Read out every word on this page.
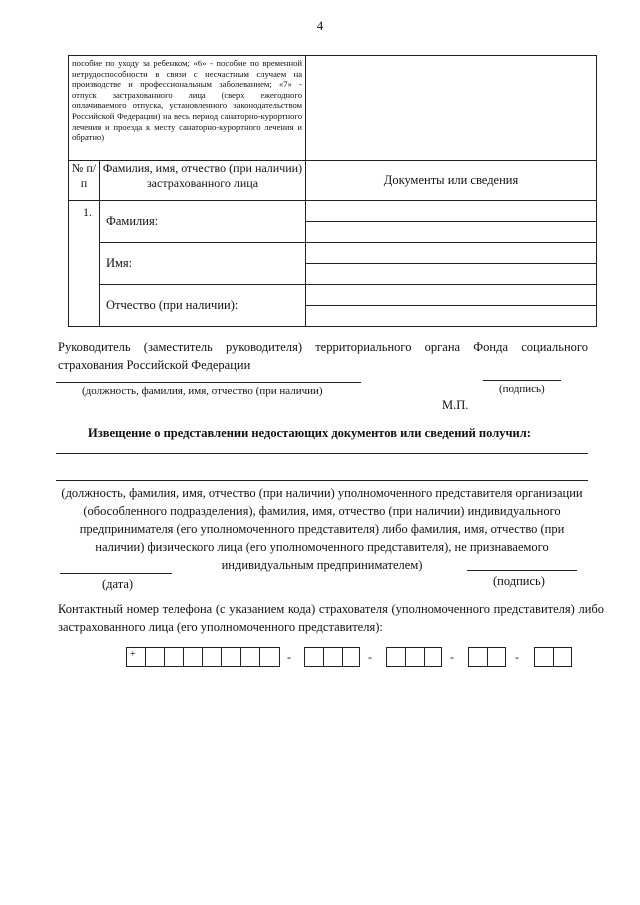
4
пособие по уходу за ребенком; «6» - пособие по временной нетрудоспособности в связи с несчастным случаем на производстве и профессиональным заболеванием; «7» - отпуск застрахованного лица (сверх ежегодного оплачиваемого отпуска, установленного законодательством Российской Федерации) на весь период санаторно-курортного лечения и проезда к месту санаторно-курортного лечения и обратно)		

№ п/п	Фамилия, имя, отчество (при наличии) застрахованного лица	Документы или сведения
1.	Фамилия:	

	Имя:	

	Отчество (при наличии):	

Руководитель (заместитель руководителя) территориального органа Фонда социального страхования Российской Федерации
(должность, фамилия, имя, отчество (при наличии)	(подпись)
М.П.
Извещение о представлении недостающих документов или сведений получил:
(должность, фамилия, имя, отчество (при наличии) уполномоченного представителя организации (обособленного подразделения), фамилия, имя, отчество (при наличии) индивидуального предпринимателя (его уполномоченного представителя) либо фамилия, имя, отчество (при наличии) физического лица (его уполномоченного представителя), не признаваемого индивидуальным предпринимателем)
(дата)	(подпись)
Контактный номер телефона (с указанием кода) страхователя (уполномоченного представителя) либо застрахованного лица (его уполномоченного представителя):
+	-	-	-	-
